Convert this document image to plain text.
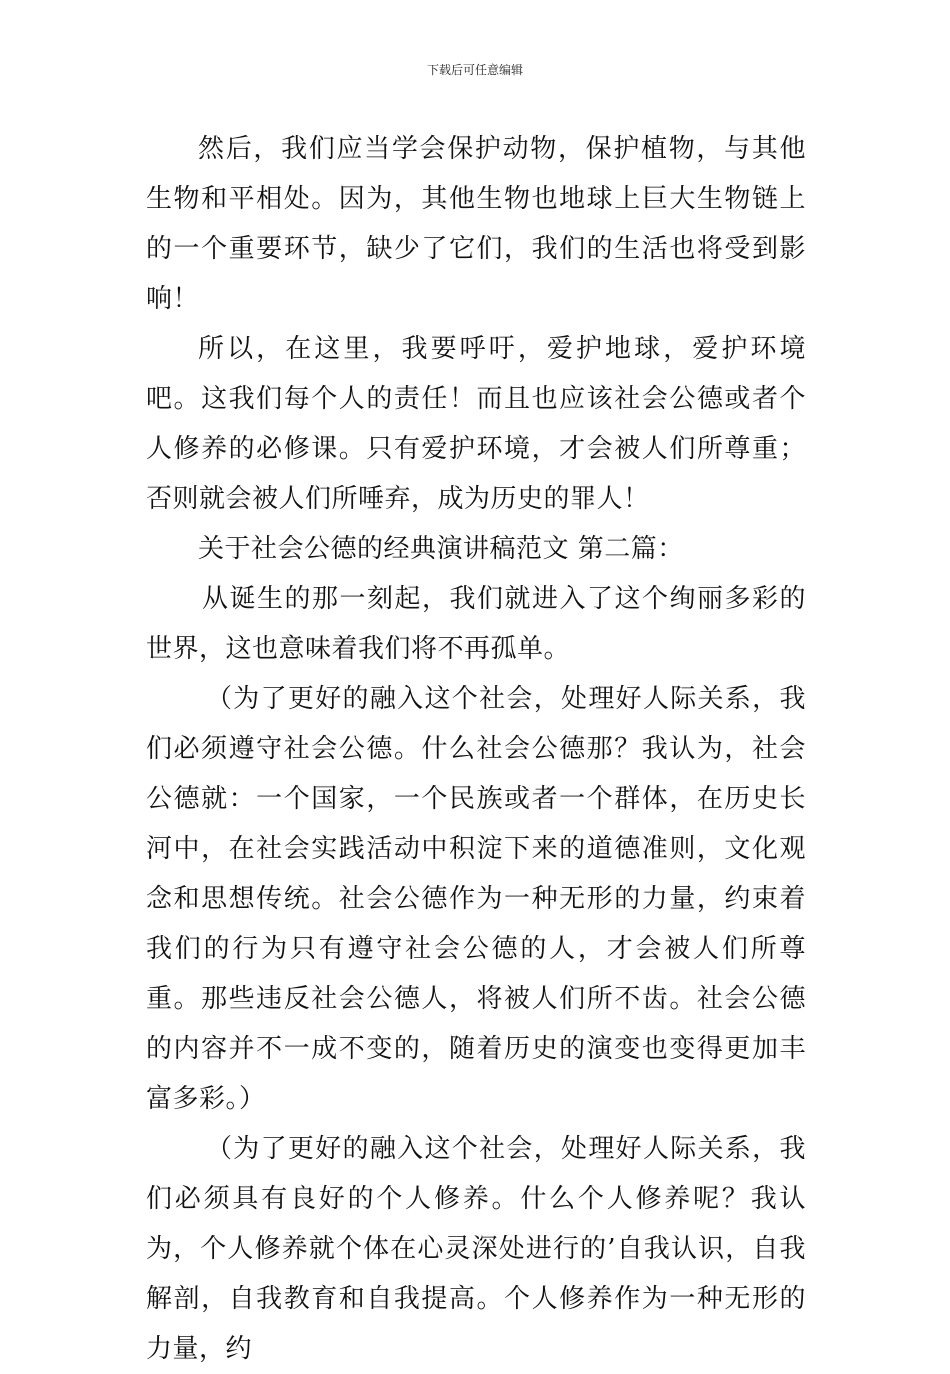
下载后可任意编辑

然后，我们应当学会保护动物，保护植物，与其他生物和平相处。因为，其他生物也地球上巨大生物链上的一个重要环节，缺少了它们，我们的生活也将受到影响！

所以，在这里，我要呼吁，爱护地球，爱护环境吧。这我们每个人的责任！而且也应该社会公德或者个人修养的必修课。只有爱护环境，才会被人们所尊重；否则就会被人们所唾弃，成为历史的罪人！

关于社会公德的经典演讲稿范文 第二篇：

从诞生的那一刻起，我们就进入了这个绚丽多彩的世界，这也意味着我们将不再孤单。

（为了更好的融入这个社会，处理好人际关系，我们必须遵守社会公德。什么社会公德那？我认为，社会公德就：一个国家，一个民族或者一个群体，在历史长河中，在社会实践活动中积淀下来的道德准则，文化观念和思想传统。社会公德作为一种无形的力量，约束着我们的行为只有遵守社会公德的人，才会被人们所尊重。那些违反社会公德人，将被人们所不齿。社会公德的内容并不一成不变的，随着历史的演变也变得更加丰富多彩。）

（为了更好的融入这个社会，处理好人际关系，我们必须具有良好的个人修养。什么个人修养呢？我认为，个人修养就个体在心灵深处进行的’自我认识，自我解剖，自我教育和自我提高。个人修养作为一种无形的力量，约
